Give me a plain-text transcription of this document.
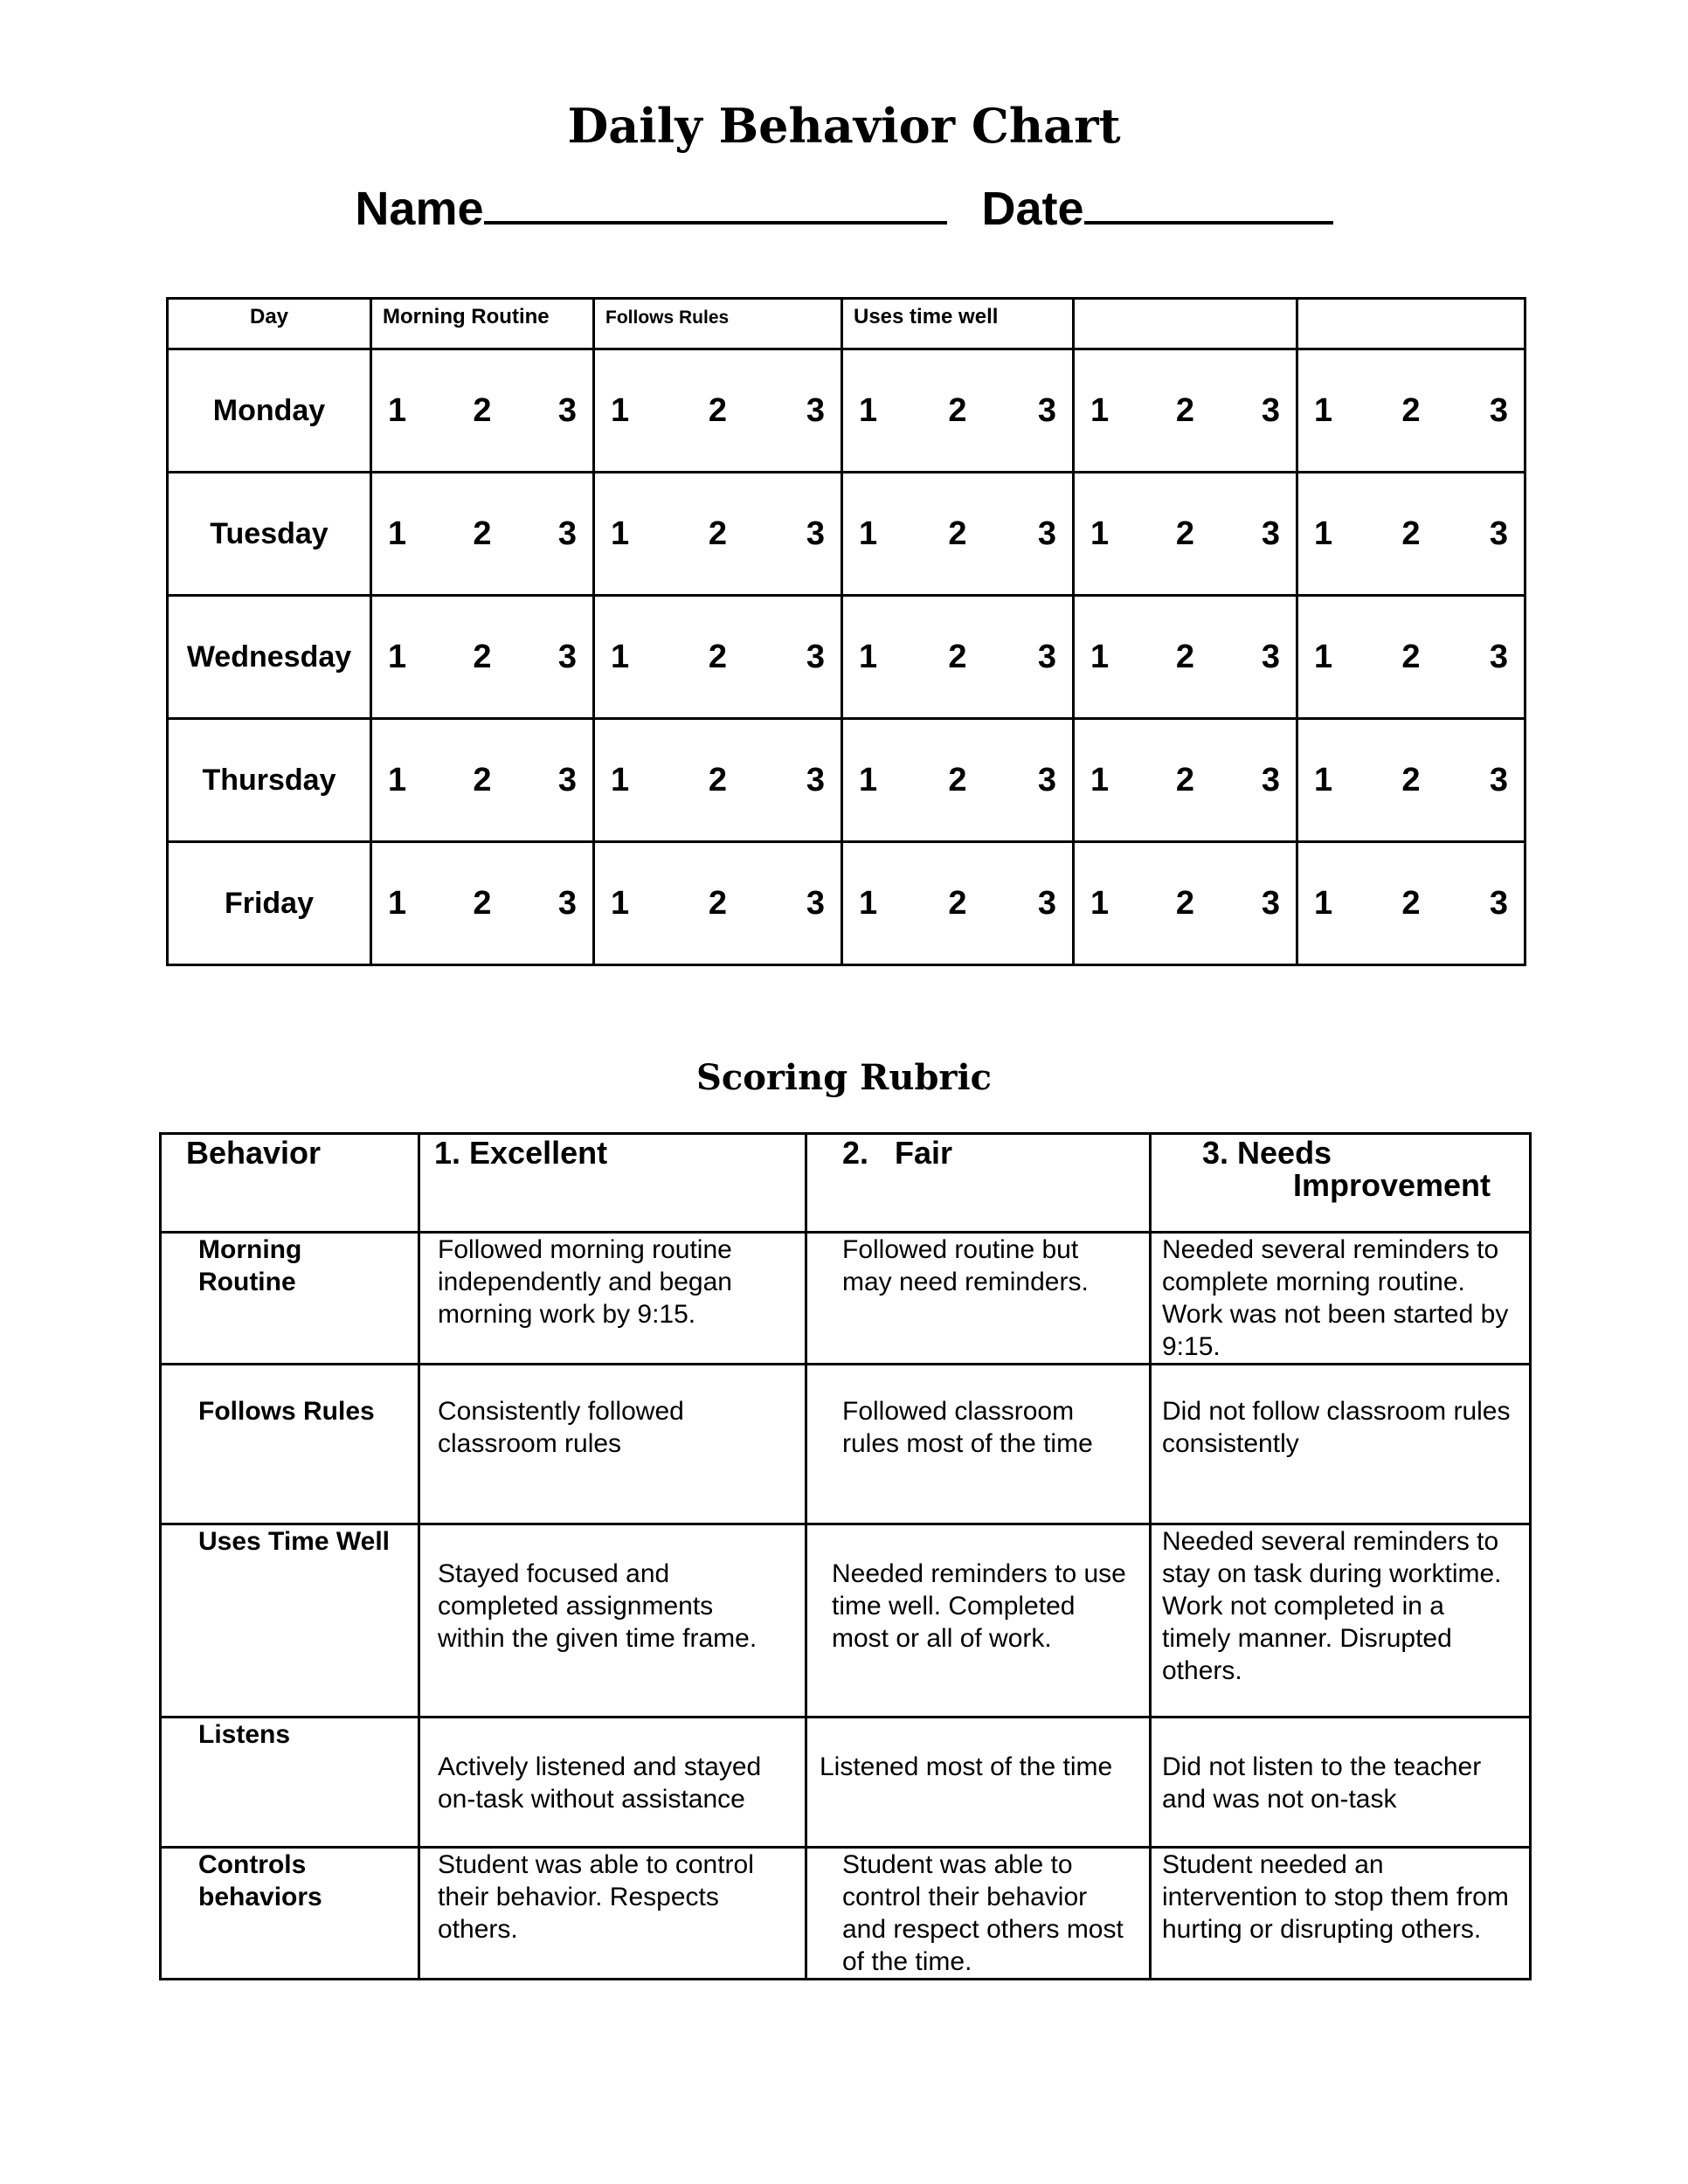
Daily Behavior Chart
Name	Date
Day	Morning Routine	Follows Rules	Uses time well		
Monday	1 2 3	1 2 3	1 2 3	1 2 3	1 2 3

Tuesday	1 2 3	1 2 3	1 2 3	1 2 3	1 2 3

Wednesday	1 2 3	1 2 3	1 2 3	1 2 3	1 2 3

Thursday	1 2 3	1 2 3	1 2 3	1 2 3	1 2 3

Friday	1 2 3	1 2 3	1 2 3	1 2 3	1 2 3
Scoring Rubric
Behavior	1. Excellent	2.   Fair	3. Needs
Improvement

Morning Routine	Followed morning routine independently and began morning work by 9:15.	Followed routine but may need reminders.	Needed several reminders to complete morning routine. Work was not been started by 9:15.
Follows Rules	Consistently followed classroom rules	Followed classroom rules most of the time	Did not follow classroom rules consistently
Uses Time Well	Stayed focused and completed assignments within the given time frame.	Needed reminders to use time well. Completed most or all of work.	Needed several reminders to stay on task during worktime. Work not completed in a timely manner. Disrupted others.
Listens	Actively listened and stayed on-task without assistance	Listened most of the time	Did not listen to the teacher and was not on-task
Controls behaviors	Student was able to control their behavior. Respects others.	Student was able to control their behavior and respect others most of the time.	Student needed an intervention to stop them from hurting or disrupting others.
